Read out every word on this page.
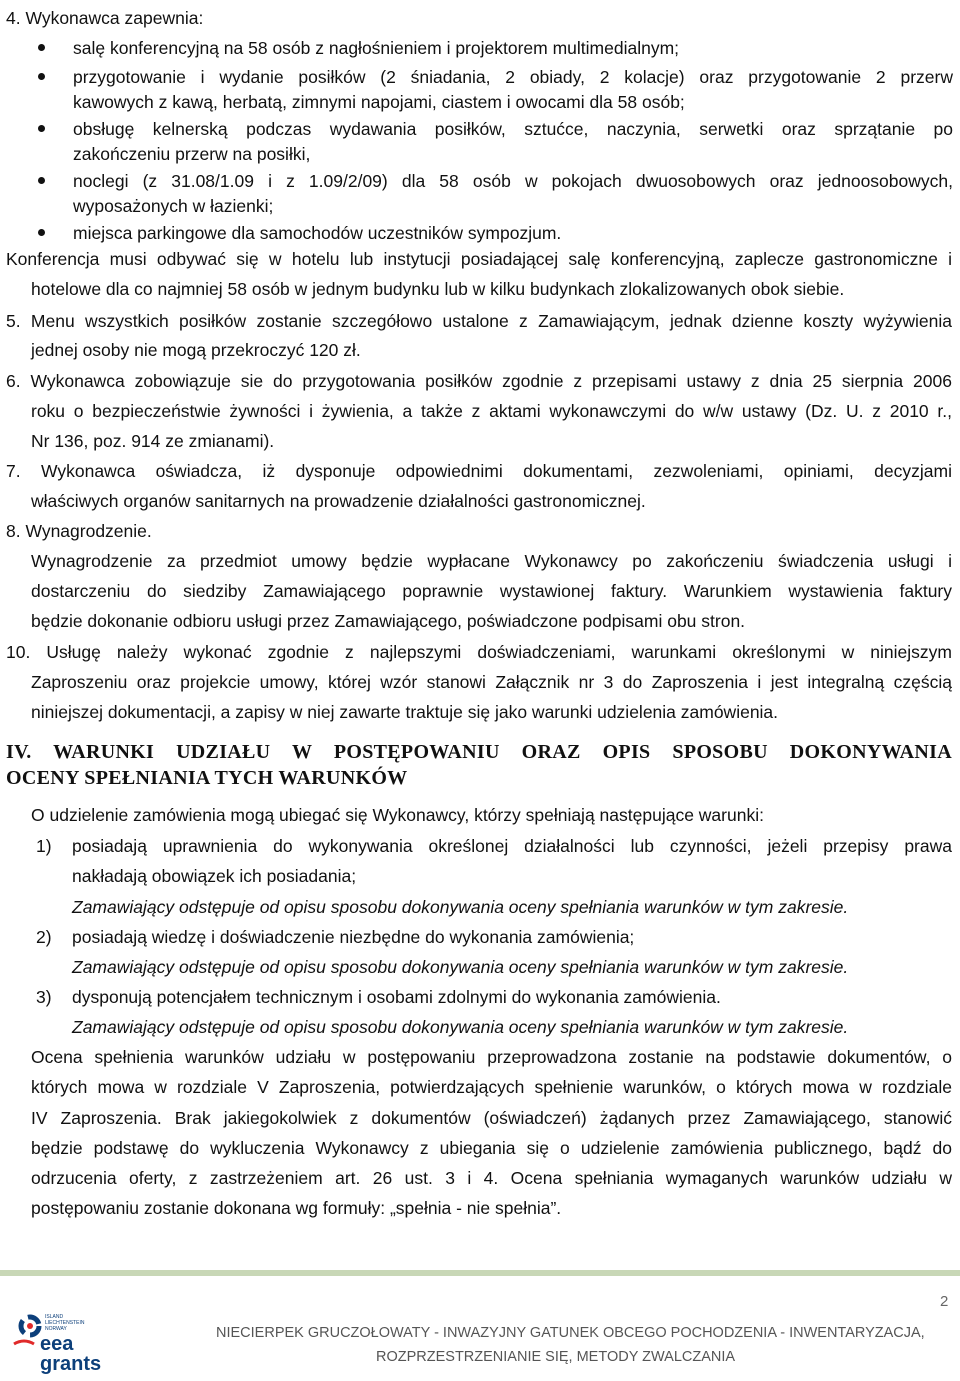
4. Wykonawca zapewnia:
salę konferencyjną na 58 osób z nagłośnieniem i projektorem multimedialnym;
przygotowanie i wydanie posiłków (2 śniadania, 2 obiady, 2 kolacje) oraz przygotowanie 2 przerw
kawowych z kawą, herbatą, zimnymi napojami, ciastem i owocami dla 58 osób;
obsługę kelnerską podczas wydawania posiłków, sztućce, naczynia, serwetki oraz sprzątanie po
zakończeniu przerw na posiłki,
noclegi (z 31.08/1.09 i z 1.09/2/09) dla 58 osób w pokojach dwuosobowych oraz jednoosobowych,
wyposażonych w łazienki;
miejsca parkingowe dla samochodów uczestników sympozjum.
Konferencja musi odbywać się w hotelu lub instytucji posiadającej salę konferencyjną, zaplecze gastronomiczne i
hotelowe dla co najmniej 58 osób w jednym budynku lub w kilku budynkach zlokalizowanych obok siebie.
5. Menu wszystkich posiłków zostanie szczegółowo ustalone z Zamawiającym, jednak dzienne koszty wyżywienia
jednej osoby nie mogą przekroczyć 120 zł.
6. Wykonawca zobowiązuje sie do przygotowania posiłków zgodnie z przepisami ustawy z dnia 25 sierpnia 2006
roku o bezpieczeństwie żywności i żywienia, a także z aktami wykonawczymi do w/w ustawy (Dz. U. z 2010 r.,
Nr 136, poz. 914 ze zmianami).
7. Wykonawca oświadcza, iż dysponuje odpowiednimi dokumentami, zezwoleniami, opiniami, decyzjami
właściwych organów sanitarnych na prowadzenie działalności gastronomicznej.
8. Wynagrodzenie.
Wynagrodzenie za przedmiot umowy będzie wypłacane Wykonawcy po zakończeniu świadczenia usługi i
dostarczeniu do siedziby Zamawiającego poprawnie wystawionej faktury. Warunkiem wystawienia faktury
będzie dokonanie odbioru usługi przez Zamawiającego, poświadczone podpisami obu stron.
10. Usługę należy wykonać zgodnie z najlepszymi doświadczeniami, warunkami określonymi w niniejszym
Zaproszeniu oraz projekcie umowy, której wzór stanowi Załącznik nr 3 do Zaproszenia i jest integralną częścią
niniejszej dokumentacji, a zapisy w niej zawarte traktuje się jako warunki udzielenia zamówienia.
IV. WARUNKI UDZIAŁU W POSTĘPOWANIU ORAZ OPIS SPOSOBU DOKONYWANIA
OCENY SPEŁNIANIA TYCH WARUNKÓW
O udzielenie zamówienia mogą ubiegać się Wykonawcy, którzy spełniają następujące warunki:
1) posiadają uprawnienia do wykonywania określonej działalności lub czynności, jeżeli przepisy prawa
nakładają obowiązek ich posiadania;
Zamawiający odstępuje od opisu sposobu dokonywania oceny spełniania warunków w tym zakresie.
2) posiadają wiedzę i doświadczenie niezbędne do wykonania zamówienia;
Zamawiający odstępuje od opisu sposobu dokonywania oceny spełniania warunków w tym zakresie.
3) dysponują potencjałem technicznym i osobami zdolnymi do wykonania zamówienia.
Zamawiający odstępuje od opisu sposobu dokonywania oceny spełniania warunków w tym zakresie.
Ocena spełnienia warunków udziału w postępowaniu przeprowadzona zostanie na podstawie dokumentów, o
których mowa w rozdziale V Zaproszenia, potwierdzających spełnienie warunków, o których mowa w rozdziale
IV Zaproszenia. Brak jakiegokolwiek z dokumentów (oświadczeń) żądanych przez Zamawiającego, stanowić
będzie podstawę do wykluczenia Wykonawcy z ubiegania się o udzielenie zamówienia publicznego, bądź do
odrzucenia oferty, z zastrzeżeniem art. 26 ust. 3 i 4. Ocena spełniania wymaganych warunków udziału w
postępowaniu zostanie dokonana wg formuły: „spełnia - nie spełnia”.
2
ISLAND
LIECHTENSTEIN
NORWAY
eea
grants
NIECIERPEK GRUCZOŁOWATY - INWAZYJNY GATUNEK OBCEGO POCHODZENIA - INWENTARYZACJA,
ROZPRZESTRZENIANIE SIĘ, METODY ZWALCZANIA
